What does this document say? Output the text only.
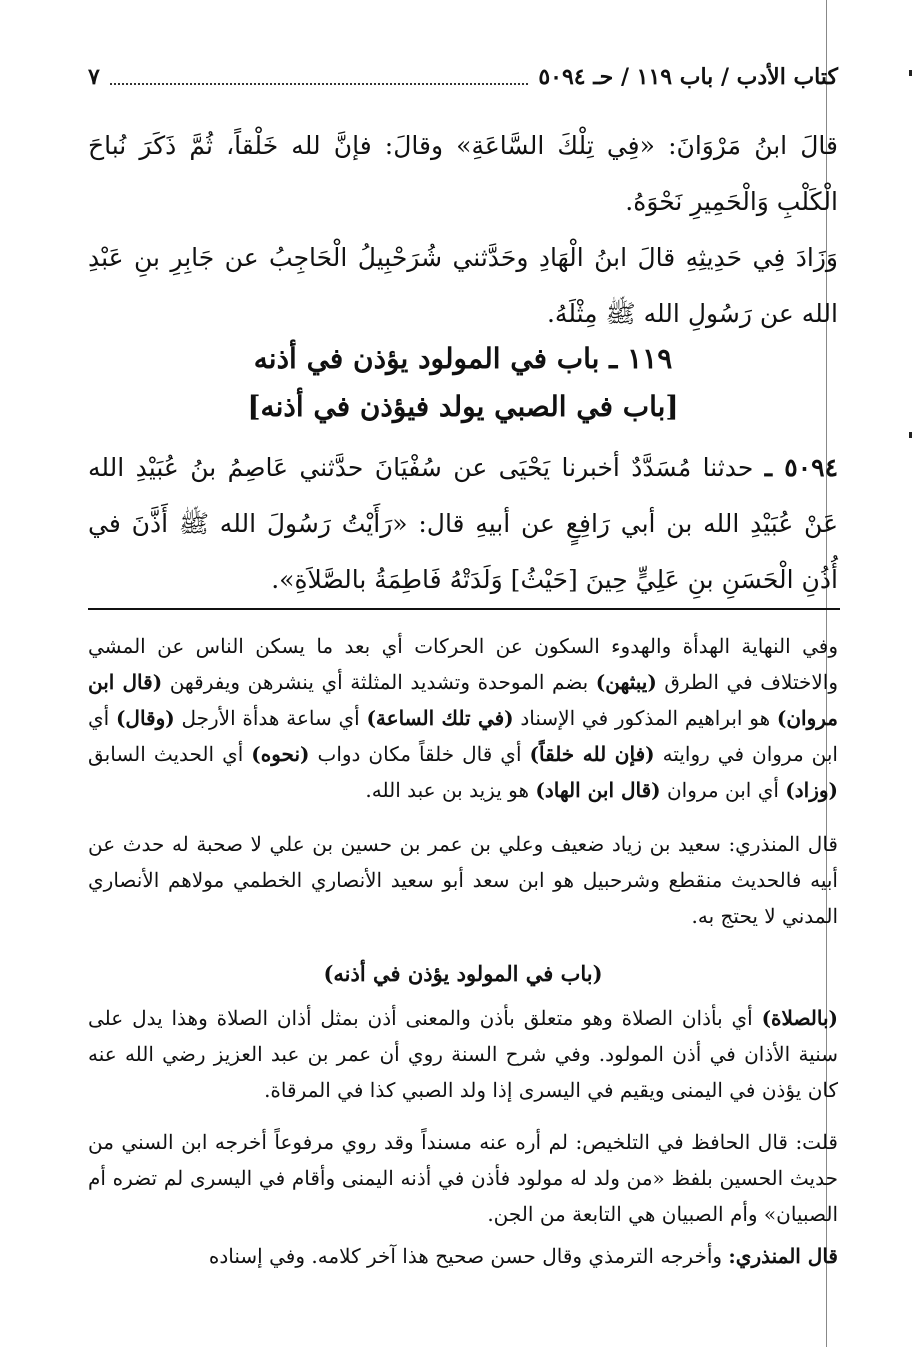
كتاب الأدب / باب ١١٩ / حـ ٥٠٩٤
٧
قالَ ابنُ مَرْوَانَ: «فِي تِلْكَ السَّاعَةِ» وقالَ: فإنَّ لله خَلْقاً، ثُمَّ ذَكَرَ نُباحَ الْكَلْبِ وَالْحَمِيرِ نَحْوَهُ.
وَزَادَ فِي حَدِيثِهِ قالَ ابنُ الْهَادِ وحَدَّثني شُرَحْبِيلُ الْحَاجِبُ عن جَابِرِ بنِ عَبْدِ الله عن رَسُولِ الله ﷺ مِثْلَهُ.
١١٩ ـ باب في المولود يؤذن في أذنه
[باب في الصبي يولد فيؤذن في أذنه]
٥٠٩٤ ـ حدثنا مُسَدَّدٌ أخبرنا يَحْيَى عن سُفْيَانَ حدَّثني عَاصِمُ بنُ عُبَيْدِ الله عَنْ عُبَيْدِ الله بن أبي رَافِعٍ عن أبيهِ قال: «رَأَيْتُ رَسُولَ الله ﷺ أَذَّنَ في أُذُنِ الْحَسَنِ بنِ عَلِيٍّ حِينَ [حَيْثُ] وَلَدَتْهُ فَاطِمَةُ بالصَّلاَةِ».
وفي النهاية الهدأة والهدوء السكون عن الحركات أي بعد ما يسكن الناس عن المشي والاختلاف في الطرق (يبثهن) بضم الموحدة وتشديد المثلثة أي ينشرهن ويفرقهن (قال ابن مروان) هو ابراهيم المذكور في الإسناد (في تلك الساعة) أي ساعة هدأة الأرجل (وقال) أي ابن مروان في روايته (فإن لله خلقاً) أي قال خلقاً مكان دواب (نحوه) أي الحديث السابق (وزاد) أي ابن مروان (قال ابن الهاد) هو يزيد بن عبد الله.
قال المنذري: سعيد بن زياد ضعيف وعلي بن عمر بن حسين بن علي لا صحبة له حدث عن أبيه فالحديث منقطع وشرحبيل هو ابن سعد أبو سعيد الأنصاري الخطمي مولاهم الأنصاري المدني لا يحتج به.
(باب في المولود يؤذن في أذنه)
(بالصلاة) أي بأذان الصلاة وهو متعلق بأذن والمعنى أذن بمثل أذان الصلاة وهذا يدل على سنية الأذان في أذن المولود. وفي شرح السنة روي أن عمر بن عبد العزيز رضي الله عنه كان يؤذن في اليمنى ويقيم في اليسرى إذا ولد الصبي كذا في المرقاة.
قلت: قال الحافظ في التلخيص: لم أره عنه مسنداً وقد روي مرفوعاً أخرجه ابن السني من حديث الحسين بلفظ «من ولد له مولود فأذن في أذنه اليمنى وأقام في اليسرى لم تضره أم الصبيان» وأم الصبيان هي التابعة من الجن.
قال المنذري: وأخرجه الترمذي وقال حسن صحيح هذا آخر كلامه. وفي إسناده
